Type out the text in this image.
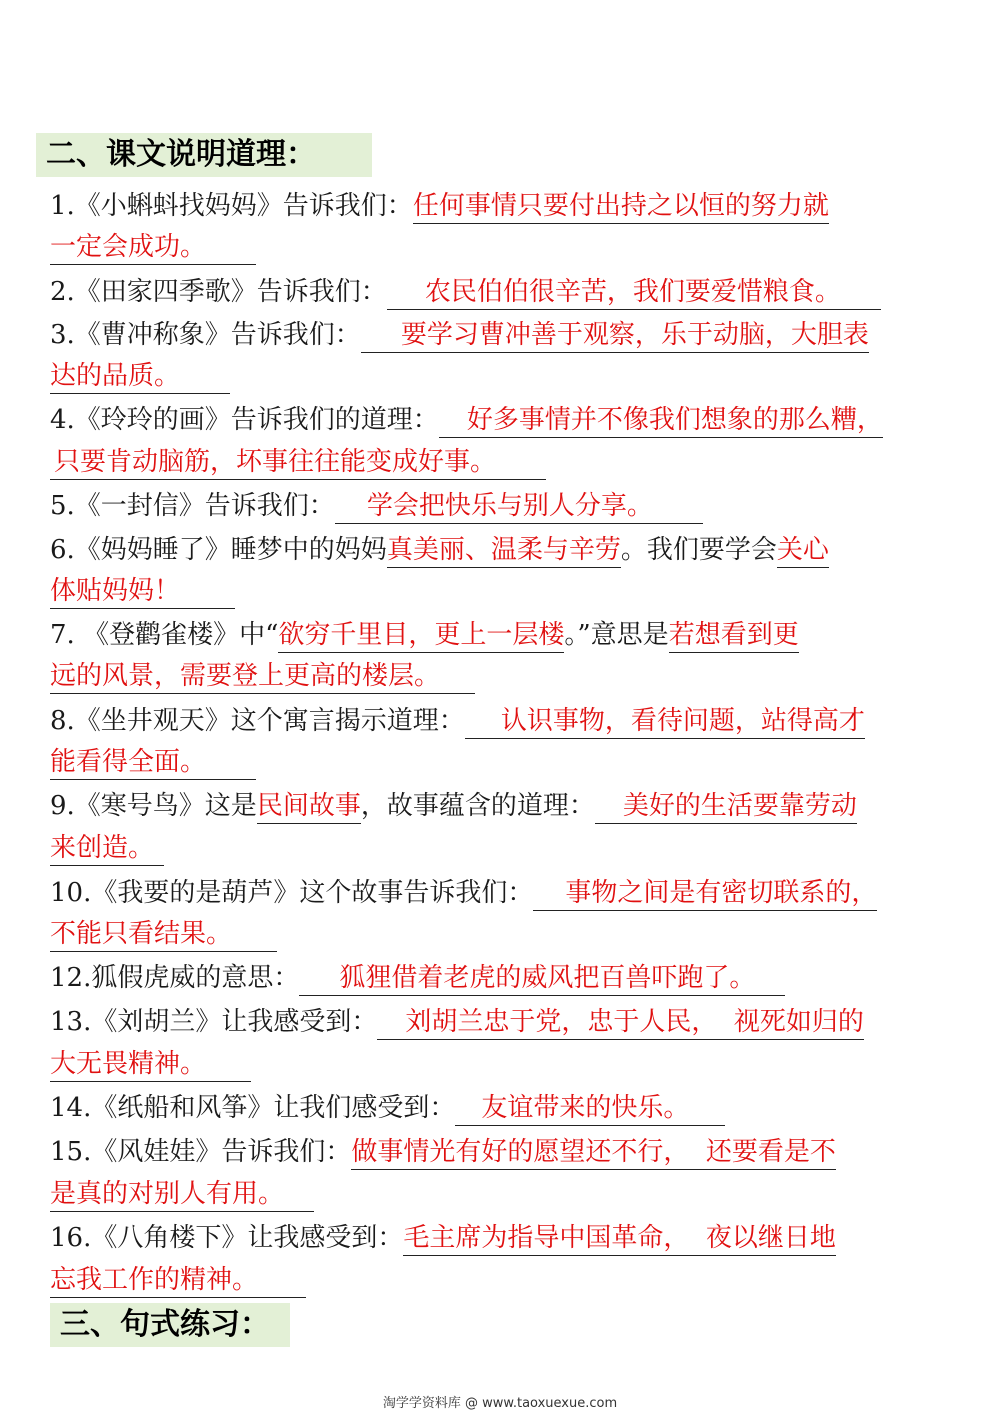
二、课文说明道理：
1.《小蝌蚪找妈妈》告诉我们：任何事情只要付出持之以恒的努力就
一定会成功。
2.《田家四季歌》告诉我们： 农民伯伯很辛苦，我们要爱惜粮食。
3.《曹冲称象》告诉我们： 要学习曹冲善于观察，乐于动脑，大胆表
达的品质。
4.《玲玲的画》告诉我们的道理： 好多事情并不像我们想象的那么糟，
只要肯动脑筋，坏事往往能变成好事。
5.《一封信》告诉我们： 学会把快乐与别人分享。
6.《妈妈睡了》睡梦中的妈妈真美丽、温柔与辛劳。我们要学会关心
体贴妈妈！
7. 《登鹳雀楼》中“欲穷千里目，更上一层楼。”意思是若想看到更
远的风景，需要登上更高的楼层。
8.《坐井观天》这个寓言揭示道理： 认识事物，看待问题，站得高才
能看得全面。
9.《寒号鸟》这是民间故事，故事蕴含的道理： 美好的生活要靠劳动
来创造。
10.《我要的是葫芦》这个故事告诉我们： 事物之间是有密切联系的，
不能只看结果。
12.狐假虎威的意思： 狐狸借着老虎的威风把百兽吓跑了。
13.《刘胡兰》让我感受到： 刘胡兰忠于党，忠于人民，  视死如归的
大无畏精神。
14.《纸船和风筝》让我们感受到： 友谊带来的快乐。
15.《风娃娃》告诉我们：做事情光有好的愿望还不行，  还要看是不
是真的对别人有用。
16.《八角楼下》让我感受到：毛主席为指导中国革命，  夜以继日地
忘我工作的精神。
三、句式练习：
淘学学资料库 @ www.taoxuexue.com
